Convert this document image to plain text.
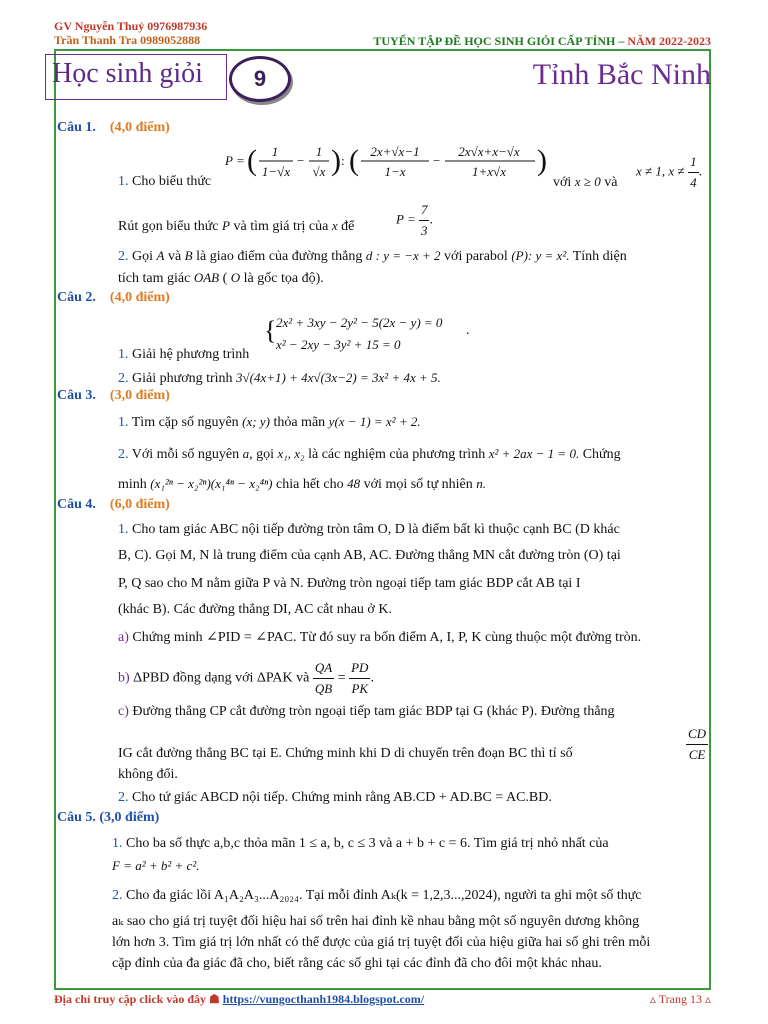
GV Nguyễn Thuỷ 0976987936
Trần Thanh Tra 0989052888	TUYỂN TẬP ĐỀ HỌC SINH GIỎI CẤP TỈNH – NĂM 2022-2023
Học sinh giỏi	9	Tỉnh Bắc Ninh
Câu 1. (4,0 điểm)
P = ( 1
1−√x
−
1
√x ) : ( 2x+√x−1
1−x
−
2x√x+x−√x
1+x√x )
1. Cho biểu thức	với x ≥ 0 và
x ≠ 1, $x \ne \frac{1}{4}$ .
Rút gọn biểu thức P và tìm giá trị của x để	$P = \frac{7}{3}$ .
2. Gọi A và B là giao điểm của đường thẳng d : y = −x + 2 với parabol (P): y = x². Tính diện
tích tam giác OAB ( O là gốc tọa độ).
Câu 2. (4,0 điểm)
{ 2x² + 3xy − 2y² − 5(2x − y) = 0
x² − 2xy − 3y² + 15 = 0
.
1. Giải hệ phương trình
2. Giải phương trình 3√(4x+1) + 4x√(3x−2) = 3x² + 4x + 5.
Câu 3. (3,0 điểm)
1. Tìm cặp số nguyên (x; y) thỏa mãn y(x − 1) = x² + 2.
2. Với mỗi số nguyên a, gọi x₁, x₂ là các nghiệm của phương trình x² + 2ax − 1 = 0. Chứng
minh (x₁²ⁿ − x₂²ⁿ)(x₁⁴ⁿ − x₂⁴ⁿ) chia hết cho 48 với mọi số tự nhiên n.
Câu 4. (6,0 điểm)
1. Cho tam giác ABC nội tiếp đường tròn tâm O, D là điểm bất kì thuộc cạnh BC (D khác
B, C). Gọi M, N là trung điểm của cạnh AB, AC. Đường thẳng MN cắt đường tròn (O) tại
P, Q sao cho M nằm giữa P và N. Đường tròn ngoại tiếp tam giác BDP cắt AB tại I
(khác B). Các đường thẳng DI, AC cắt nhau ở K.
a) Chứng minh ∠PID = ∠PAC. Từ đó suy ra bốn điểm A, I, P, K cùng thuộc một đường tròn.
b) ΔPBD đồng dạng với ΔPAK và $\frac{QA}{QB} = \frac{PD}{PK}$ .
c) Đường thẳng CP cắt đường tròn ngoại tiếp tam giác BDP tại G (khác P). Đường thẳng
IG cắt đường thẳng BC tại E. Chứng minh khi D di chuyển trên đoạn BC thì tỉ số	$\frac{CD}{CE}$
không đổi.
2. Cho tứ giác ABCD nội tiếp. Chứng minh rằng AB.CD + AD.BC = AC.BD.
Câu 5. (3,0 điểm)
1. Cho ba số thực a,b,c thỏa mãn 1 ≤ a, b, c ≤ 3 và a + b + c = 6. Tìm giá trị nhỏ nhất của
F = a² + b² + c².
2. Cho đa giác lồi A₁A₂A₃...A₂₀₂₄. Tại mỗi đỉnh Aₖ(k = 1,2,3...,2024), người ta ghi một số thực
aₖ sao cho giá trị tuyệt đối hiệu hai số trên hai đỉnh kề nhau bằng một số nguyên dương không
lớn hơn 3. Tìm giá trị lớn nhất có thể được của giá trị tuyệt đối của hiệu giữa hai số ghi trên mỗi
cặp đỉnh của đa giác đã cho, biết rằng các số ghi tại các đỉnh đã cho đôi một khác nhau.
Địa chỉ truy cập click vào đây ☗ https://vungocthanh1984.blogspot.com/	▵ Trang 13 ▵
